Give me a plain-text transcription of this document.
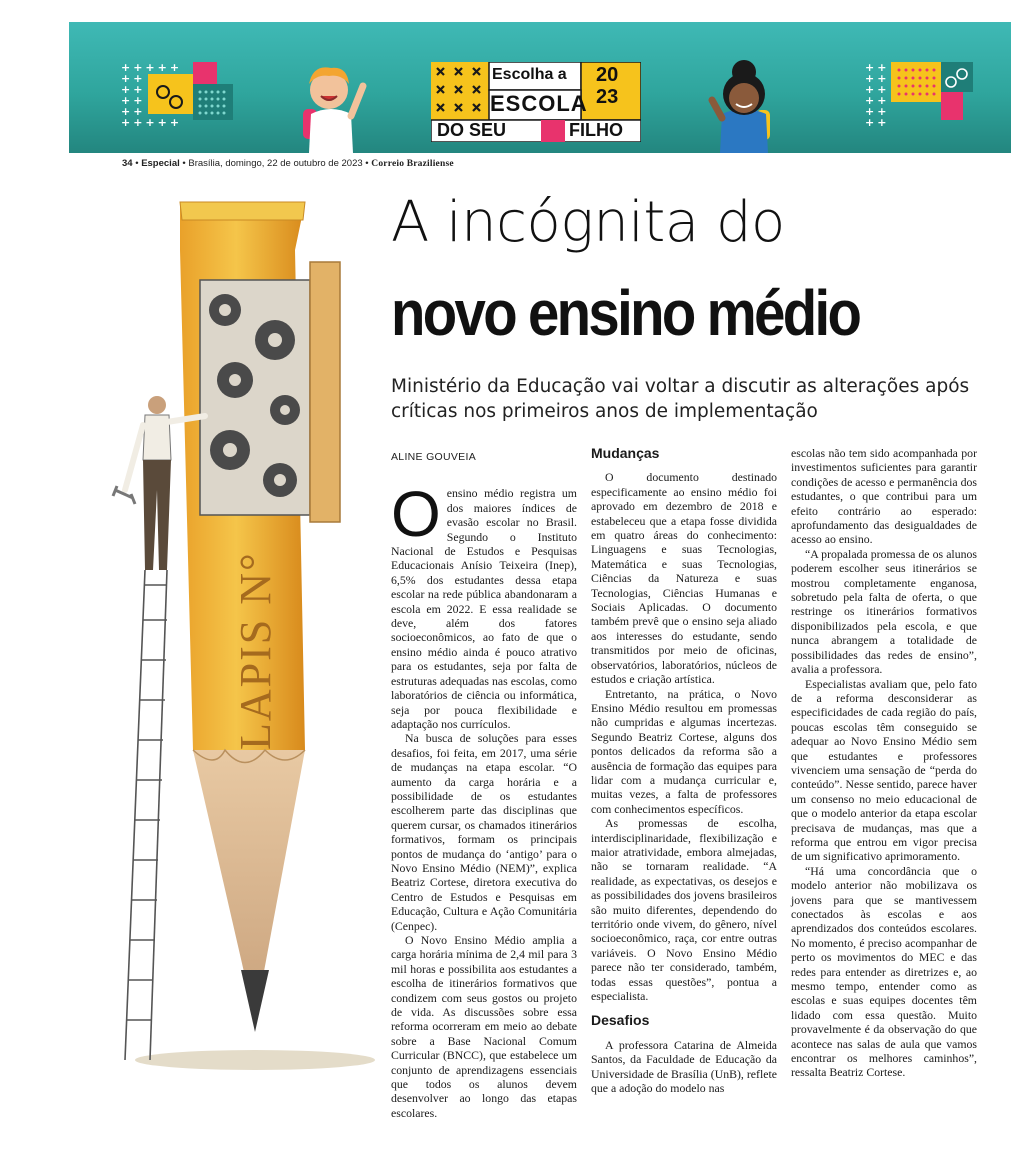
+++++
++
++
++
++
+++++
Escolha a 20
23
ESCOLA
DO SEU	FILHO
++
++
++
++
++
++
34 • Especial • Brasília, domingo, 22 de outubro de 2023 • Correio Braziliense
LAPIS N°
A incógnita do
novo ensino médio
Ministério da Educação vai voltar a discutir as alterações após críticas nos primeiros anos de implementação
ALINE GOUVEIA
O ensino médio registra um dos maiores índices de evasão escolar no Brasil. Segundo o Instituto Nacional de Estudos e Pesquisas Educacionais Anísio Teixeira (Inep), 6,5% dos estudantes dessa etapa escolar na rede pública abandonaram a escola em 2022. E essa realidade se deve, além dos fatores socioeconômicos, ao fato de que o ensino médio ainda é pouco atrativo para os estudantes, seja por falta de estruturas adequadas nas escolas, como laboratórios de ciência ou informática, seja por pouca flexibilidade e adaptação nos currículos.

Na busca de soluções para esses desafios, foi feita, em 2017, uma série de mudanças na etapa escolar. “O aumento da carga horária e a possibilidade de os estudantes escolherem parte das disciplinas que querem cursar, os chamados itinerários formativos, formam os principais pontos de mudança do ‘antigo’ para o Novo Ensino Médio (NEM)”, explica Beatriz Cortese, diretora executiva do Centro de Estudos e Pesquisas em Educação, Cultura e Ação Comunitária (Cenpec).

O Novo Ensino Médio amplia a carga horária mínima de 2,4 mil para 3 mil horas e possibilita aos estudantes a escolha de itinerários formativos que condizem com seus gostos ou projeto de vida. As discussões sobre essa reforma ocorreram em meio ao debate sobre a Base Nacional Comum Curricular (BNCC), que estabelece um conjunto de aprendizagens essenciais que todos os alunos devem desenvolver ao longo das etapas escolares.

Mudanças

O documento destinado especificamente ao ensino médio foi aprovado em dezembro de 2018 e estabeleceu que a etapa fosse dividida em quatro áreas do conhecimento: Linguagens e suas Tecnologias, Matemática e suas Tecnologias, Ciências da Natureza e suas Tecnologias, Ciências Humanas e Sociais Aplicadas. O documento também prevê que o ensino seja aliado aos interesses do estudante, sendo transmitidos por meio de oficinas, observatórios, laboratórios, núcleos de estudos e criação artística.

Entretanto, na prática, o Novo Ensino Médio resultou em promessas não cumpridas e algumas incertezas. Segundo Beatriz Cortese, alguns dos pontos delicados da reforma são a ausência de formação das equipes para lidar com a mudança curricular e, muitas vezes, a falta de professores com conhecimentos específicos.

As promessas de escolha, interdisciplinaridade, flexibilização e maior atratividade, embora almejadas, não se tornaram realidade. “A realidade, as expectativas, os desejos e as possibilidades dos jovens brasileiros são muito diferentes, dependendo do território onde vivem, do gênero, nível socioeconômico, raça, cor entre outras variáveis. O Novo Ensino Médio parece não ter considerado, também, todas essas questões”, pontua a especialista.

Desafios

A professora Catarina de Almeida Santos, da Faculdade de Educação da Universidade de Brasília (UnB), reflete que a adoção do modelo nas

escolas não tem sido acompanhada por investimentos suficientes para garantir condições de acesso e permanência dos estudantes, o que contribui para um efeito contrário ao esperado: aprofundamento das desigualdades de acesso ao ensino.

“A propalada promessa de os alunos poderem escolher seus itinerários se mostrou completamente enganosa, sobretudo pela falta de oferta, o que restringe os itinerários formativos disponibilizados pela escola, e que nunca abrangem a totalidade de possibilidades das redes de ensino”, avalia a professora.

Especialistas avaliam que, pelo fato de a reforma desconsiderar as especificidades de cada região do país, poucas escolas têm conseguido se adequar ao Novo Ensino Médio sem que estudantes e professores vivenciem uma sensação de “perda do conteúdo”. Nesse sentido, parece haver um consenso no meio educacional de que o modelo anterior da etapa escolar precisava de mudanças, mas que a reforma que entrou em vigor precisa de um significativo aprimoramento.

“Há uma concordância que o modelo anterior não mobilizava os jovens para que se mantivessem conectados às escolas e aos aprendizados dos conteúdos escolares. No momento, é preciso acompanhar de perto os movimentos do MEC e das redes para entender as diretrizes e, ao mesmo tempo, entender como as escolas e suas equipes docentes têm lidado com essa questão. Muito provavelmente é da observação do que acontece nas salas de aula que vamos encontrar os melhores caminhos”, ressalta Beatriz Cortese.
